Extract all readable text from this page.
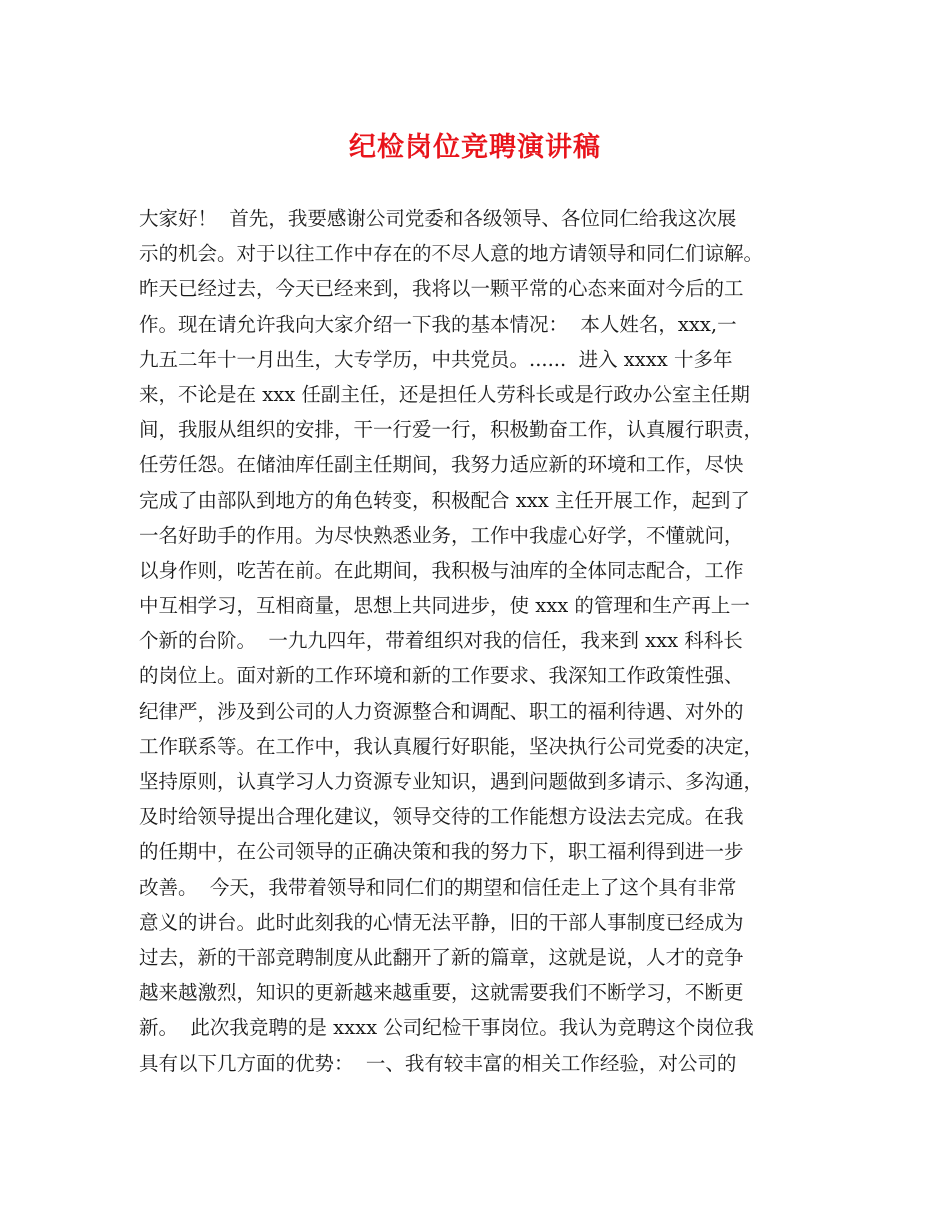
纪检岗位竞聘演讲稿
大家好！  首先，我要感谢公司党委和各级领导、各位同仁给我这次展
示的机会。对于以往工作中存在的不尽人意的地方请领导和同仁们谅解。
昨天已经过去，今天已经来到，我将以一颗平常的心态来面对今后的工
作。现在请允许我向大家介绍一下我的基本情况：  本人姓名，xxx,一
九五二年十一月出生，大专学历，中共党员。......  进入 xxxx 十多年
来，不论是在 xxx 任副主任，还是担任人劳科长或是行政办公室主任期
间，我服从组织的安排，干一行爱一行，积极勤奋工作，认真履行职责，
任劳任怨。在储油库任副主任期间，我努力适应新的环境和工作，尽快
完成了由部队到地方的角色转变，积极配合 xxx 主任开展工作，起到了
一名好助手的作用。为尽快熟悉业务，工作中我虚心好学，不懂就问，
以身作则，吃苦在前。在此期间，我积极与油库的全体同志配合，工作
中互相学习，互相商量，思想上共同进步，使 xxx 的管理和生产再上一
个新的台阶。  一九九四年，带着组织对我的信任，我来到 xxx 科科长
的岗位上。面对新的工作环境和新的工作要求、我深知工作政策性强、
纪律严，涉及到公司的人力资源整合和调配、职工的福利待遇、对外的
工作联系等。在工作中，我认真履行好职能，坚决执行公司党委的决定，
坚持原则，认真学习人力资源专业知识，遇到问题做到多请示、多沟通，
及时给领导提出合理化建议，领导交待的工作能想方设法去完成。在我
的任期中，在公司领导的正确决策和我的努力下，职工福利得到进一步
改善。  今天，我带着领导和同仁们的期望和信任走上了这个具有非常
意义的讲台。此时此刻我的心情无法平静，旧的干部人事制度已经成为
过去，新的干部竞聘制度从此翻开了新的篇章，这就是说，人才的竞争
越来越激烈，知识的更新越来越重要，这就需要我们不断学习，不断更
新。  此次我竞聘的是 xxxx 公司纪检干事岗位。我认为竞聘这个岗位我
具有以下几方面的优势：  一、我有较丰富的相关工作经验，对公司的
